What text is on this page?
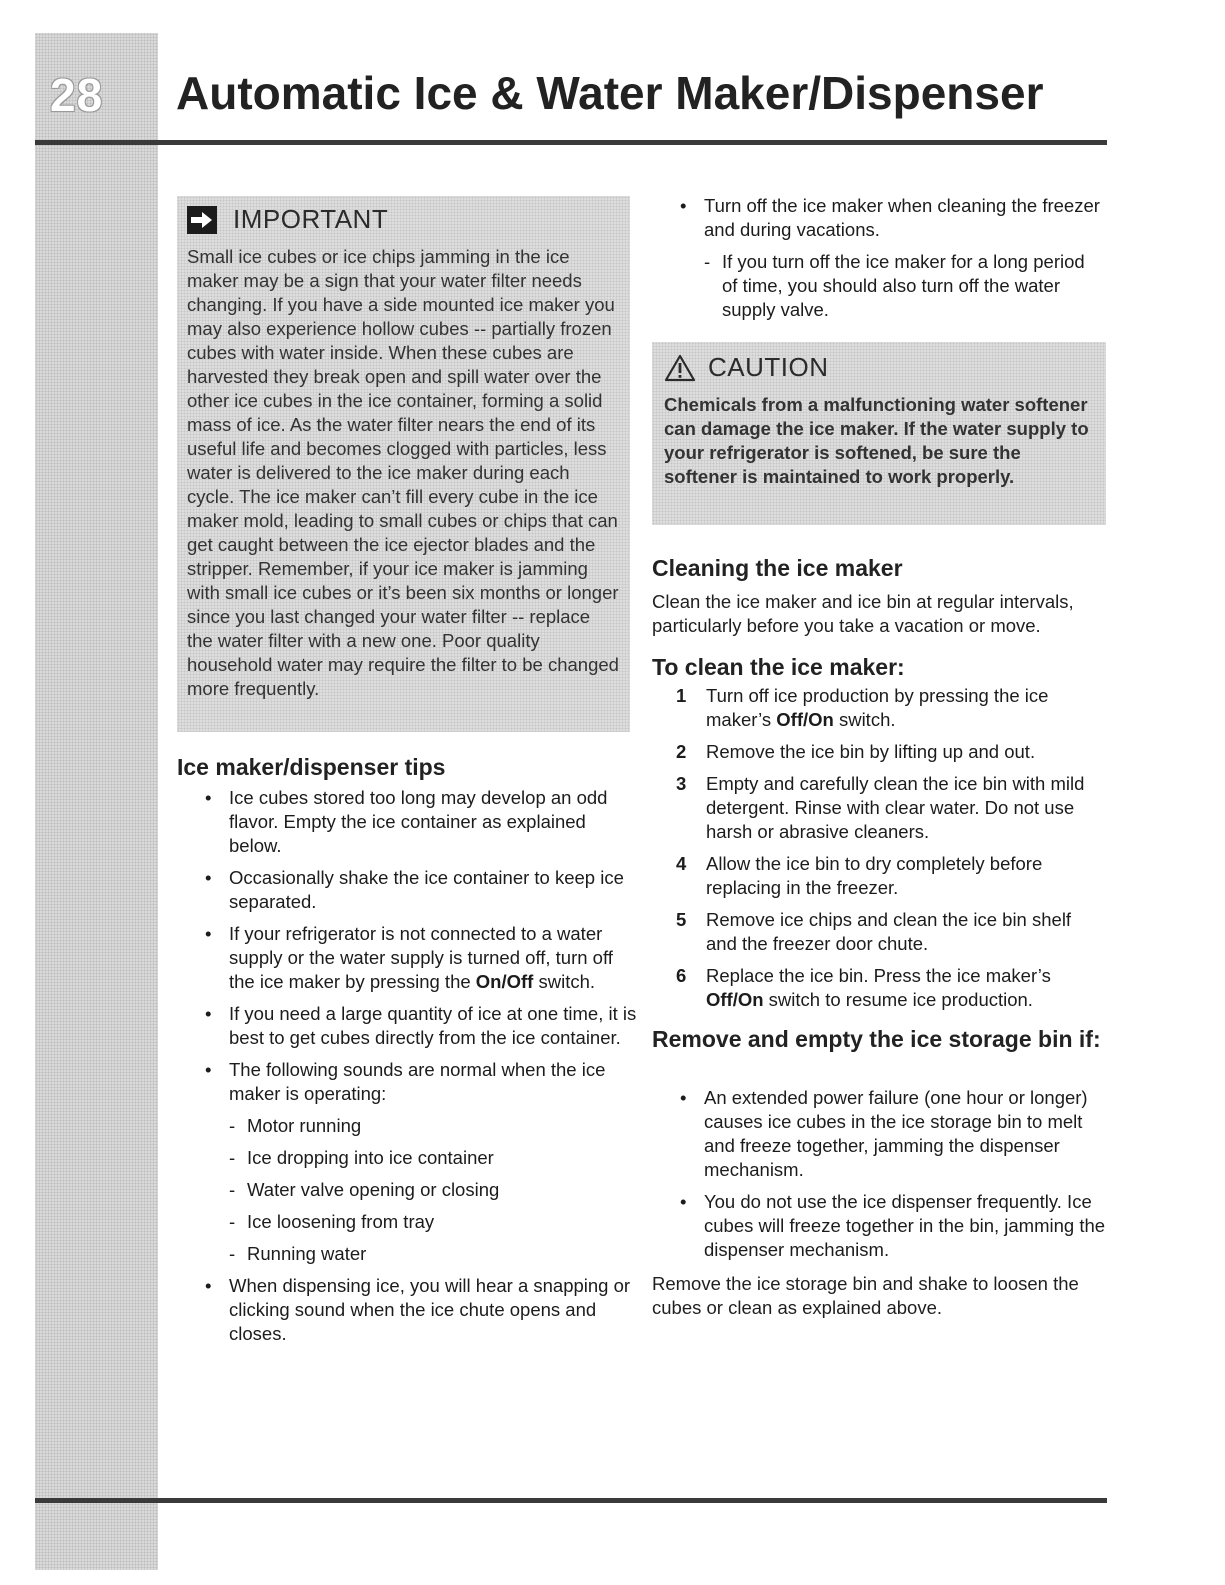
28 Automatic Ice & Water Maker/Dispenser
IMPORTANT
Small ice cubes or ice chips jamming in the ice maker may be a sign that your water filter needs changing. If you have a side mounted ice maker you may also experience hollow cubes -- partially frozen cubes with water inside. When these cubes are harvested they break open and spill water over the other ice cubes in the ice container, forming a solid mass of ice. As the water filter nears the end of its useful life and becomes clogged with particles, less water is delivered to the ice maker during each cycle. The ice maker can’t fill every cube in the ice maker mold, leading to small cubes or chips that can get caught between the ice ejector blades and the stripper. Remember, if your ice maker is jamming with small ice cubes or it’s been six months or longer since you last changed your water filter -- replace the water filter with a new one. Poor quality household water may require the filter to be changed more frequently.
Ice maker/dispenser tips
• Ice cubes stored too long may develop an odd flavor. Empty the ice container as explained below.
• Occasionally shake the ice container to keep ice separated.
• If your refrigerator is not connected to a water supply or the water supply is turned off, turn off the ice maker by pressing the On/Off switch.
• If you need a large quantity of ice at one time, it is best to get cubes directly from the ice container.
• The following sounds are normal when the ice maker is operating:
- Motor running
- Ice dropping into ice container
- Water valve opening or closing
- Ice loosening from tray
- Running water
• When dispensing ice, you will hear a snapping or clicking sound when the ice chute opens and closes.
• Turn off the ice maker when cleaning the freezer and during vacations.
- If you turn off the ice maker for a long period of time, you should also turn off the water supply valve.
CAUTION
Chemicals from a malfunctioning water softener can damage the ice maker. If the water supply to your refrigerator is softened, be sure the softener is maintained to work properly.
Cleaning the ice maker

Clean the ice maker and ice bin at regular intervals, particularly before you take a vacation or move.

To clean the ice maker:
1	Turn off ice production by pressing the ice maker’s Off/On switch.
2	Remove the ice bin by lifting up and out.
3	Empty and carefully clean the ice bin with mild detergent. Rinse with clear water. Do not use harsh or abrasive cleaners.
4	Allow the ice bin to dry completely before replacing in the freezer.
5	Remove ice chips and clean the ice bin shelf and the freezer door chute.
6	Replace the ice bin. Press the ice maker’s Off/On switch to resume ice production.
Remove and empty the ice storage bin if:
• An extended power failure (one hour or longer) causes ice cubes in the ice storage bin to melt and freeze together, jamming the dispenser mechanism.
• You do not use the ice dispenser frequently. Ice cubes will freeze together in the bin, jamming the dispenser mechanism.

Remove the ice storage bin and shake to loosen the cubes or clean as explained above.
